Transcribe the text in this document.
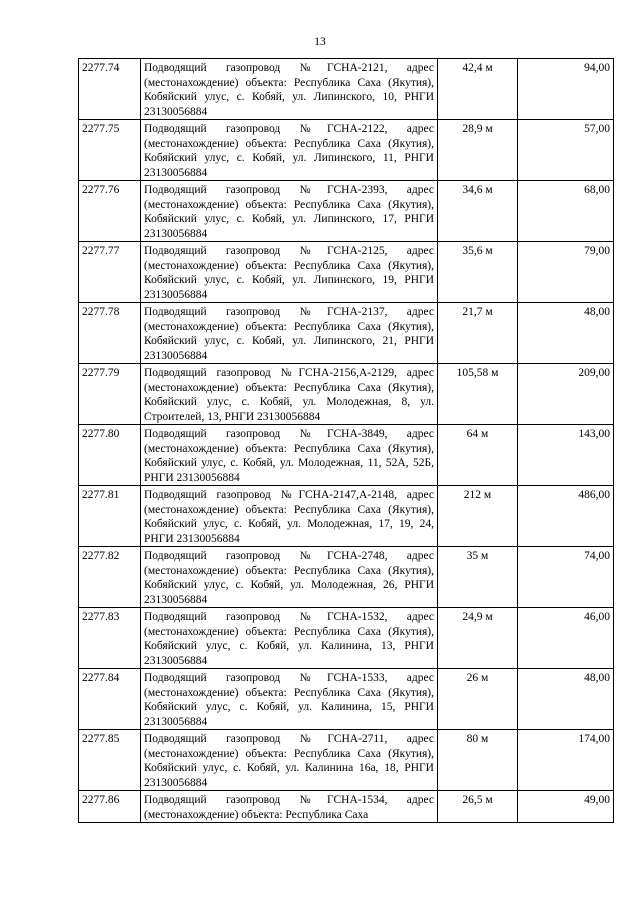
13
2277.74	Подводящий газопровод №ГСНА-2121, адрес (местонахождение) объекта: Республика Саха (Якутия), Кобяйский улус, с. Кобяй, ул. Липинского, 10, РНГИ 23130056884	42,4 м	94,00
2277.75	Подводящий газопровод №ГСНА-2122, адрес (местонахождение) объекта: Республика Саха (Якутия), Кобяйский улус, с. Кобяй, ул. Липинского, 11, РНГИ 23130056884	28,9 м	57,00
2277.76	Подводящий газопровод №ГСНА-2393, адрес (местонахождение) объекта: Республика Саха (Якутия), Кобяйский улус, с. Кобяй, ул. Липинского, 17, РНГИ 23130056884	34,6 м	68,00
2277.77	Подводящий газопровод №ГСНА-2125, адрес (местонахождение) объекта: Республика Саха (Якутия), Кобяйский улус, с. Кобяй, ул. Липинского, 19, РНГИ 23130056884	35,6 м	79,00
2277.78	Подводящий газопровод №ГСНА-2137, адрес (местонахождение) объекта: Республика Саха (Якутия), Кобяйский улус, с. Кобяй, ул. Липинского, 21, РНГИ 23130056884	21,7 м	48,00
2277.79	Подводящий газопровод №ГСНА-2156,А-2129, адрес (местонахождение) объекта: Республика Саха (Якутия), Кобяйский улус, с. Кобяй, ул. Молодежная, 8, ул. Строителей, 13, РНГИ 23130056884	105,58 м	209,00
2277.80	Подводящий газопровод №ГСНА-3849, адрес (местонахождение) объекта: Республика Саха (Якутия), Кобяйский улус, с. Кобяй, ул. Молодежная, 11, 52А, 52Б, РНГИ 23130056884	64 м	143,00
2277.81	Подводящий газопровод №ГСНА-2147,А-2148, адрес (местонахождение) объекта: Республика Саха (Якутия), Кобяйский улус, с. Кобяй, ул. Молодежная, 17, 19, 24, РНГИ 23130056884	212 м	486,00
2277.82	Подводящий газопровод №ГСНА-2748, адрес (местонахождение) объекта: Республика Саха (Якутия), Кобяйский улус, с. Кобяй, ул. Молодежная, 26, РНГИ 23130056884	35 м	74,00
2277.83	Подводящий газопровод №ГСНА-1532, адрес (местонахождение) объекта: Республика Саха (Якутия), Кобяйский улус, с. Кобяй, ул. Калинина, 13, РНГИ 23130056884	24,9 м	46,00
2277.84	Подводящий газопровод №ГСНА-1533, адрес (местонахождение) объекта: Республика Саха (Якутия), Кобяйский улус, с. Кобяй, ул. Калинина, 15, РНГИ 23130056884	26 м	48,00
2277.85	Подводящий газопровод №ГСНА-2711, адрес (местонахождение) объекта: Республика Саха (Якутия), Кобяйский улус, с. Кобяй, ул. Калинина 16а, 18, РНГИ 23130056884	80 м	174,00
2277.86	Подводящий газопровод №ГСНА-1534, адрес (местонахождение) объекта: Республика Саха	26,5 м	49,00
